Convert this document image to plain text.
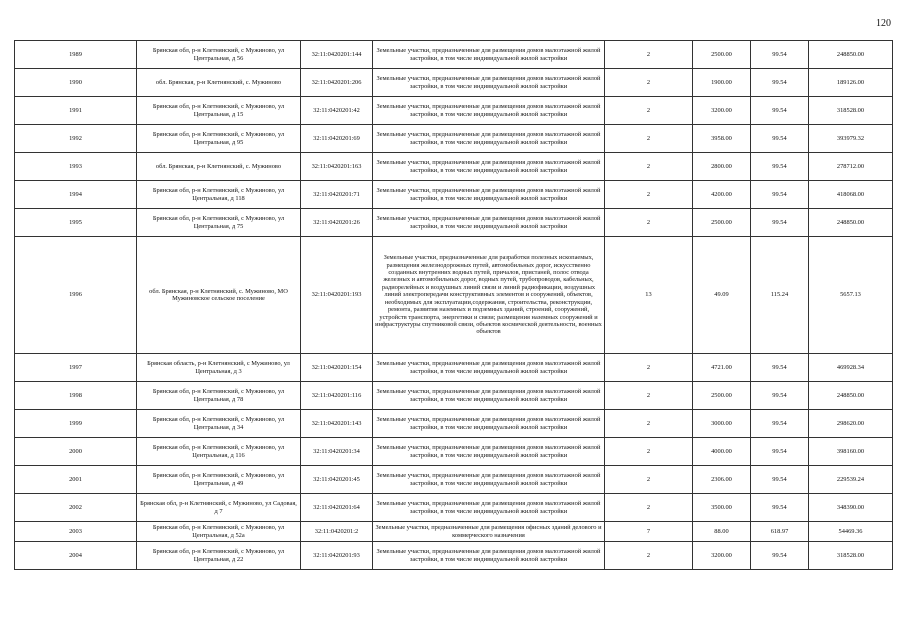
120
1989	Брянская обл, р-н Клетнянский, с Мужиново, ул Центральная, д 56	32:11:0420201:144	Земельные участки, предназначенные для размещения домов малоэтажной жилой застройки, в том числе индивидуальной жилой застройки	2	2500.00	99.54	248850.00
1990	обл. Брянская, р-н Клетнянский, с. Мужиново	32:11:0420201:206	Земельные участки, предназначенные для размещения домов малоэтажной жилой застройки, в том числе индивидуальной жилой застройки	2	1900.00	99.54	189126.00
1991	Брянская обл, р-н Клетнянский, с Мужиново, ул Центральная, д 15	32:11:0420201:42	Земельные участки, предназначенные для размещения домов малоэтажной жилой застройки, в том числе индивидуальной жилой застройки	2	3200.00	99.54	318528.00
1992	Брянская обл, р-н Клетнянский, с Мужиново, ул Центральная, д 95	32:11:0420201:69	Земельные участки, предназначенные для размещения домов малоэтажной жилой застройки, в том числе индивидуальной жилой застройки	2	3958.00	99.54	393979.32
1993	обл. Брянская, р-н Клетнянский, с. Мужиново	32:11:0420201:163	Земельные участки, предназначенные для размещения домов малоэтажной жилой застройки, в том числе индивидуальной жилой застройки	2	2800.00	99.54	278712.00
1994	Брянская обл, р-н Клетнянский, с Мужиново, ул Центральная, д 118	32:11:0420201:71	Земельные участки, предназначенные для размещения домов малоэтажной жилой застройки, в том числе индивидуальной жилой застройки	2	4200.00	99.54	418068.00
1995	Брянская обл, р-н Клетнянский, с Мужиново, ул Центральная, д 75	32:11:0420201:26	Земельные участки, предназначенные для размещения домов малоэтажной жилой застройки, в том числе индивидуальной жилой застройки	2	2500.00	99.54	248850.00
1996	обл. Брянская, р-н Клетнянский, с. Мужиново, МО Мужиновское сельское поселение	32:11:0420201:193	Земельные участки, предназначенные для разработки полезных ископаемых, размещения железнодорожных путей, автомобильных дорог, искусственно созданных внутренних водных путей, причалов, пристаней, полос отвода железных и автомобильных дорог, водных путей, трубопроводов, кабельных, радиорелейных и воздушных линий связи и линий радиофикации, воздушных линий электропередачи конструктивных элементов и сооружений, объектов, необходимых для эксплуатации,содержания, строительства, реконструкции, ремонта, развития наземных и подземных зданий, строений, сооружений, устройств транспорта, энергетики и связи; размещения наземных сооружений и инфраструктуры спутниковой связи, объектов космической деятельности, военных объектов	13	49.09	115.24	5657.13
1997	Брянская область, р-н Клетнянский, с Мужиново, ул Центральная, д 3	32:11:0420201:154	Земельные участки, предназначенные для размещения домов малоэтажной жилой застройки, в том числе индивидуальной жилой застройки	2	4721.00	99.54	469928.34
1998	Брянская обл, р-н Клетнянский, с Мужиново, ул Центральная, д 78	32:11:0420201:116	Земельные участки, предназначенные для размещения домов малоэтажной жилой застройки, в том числе индивидуальной жилой застройки	2	2500.00	99.54	248850.00
1999	Брянская обл, р-н Клетнянский, с Мужиново, ул Центральная, д 34	32:11:0420201:143	Земельные участки, предназначенные для размещения домов малоэтажной жилой застройки, в том числе индивидуальной жилой застройки	2	3000.00	99.54	298620.00
2000	Брянская обл, р-н Клетнянский, с Мужиново, ул Центральная, д 116	32:11:0420201:34	Земельные участки, предназначенные для размещения домов малоэтажной жилой застройки, в том числе индивидуальной жилой застройки	2	4000.00	99.54	398160.00
2001	Брянская обл, р-н Клетнянский, с Мужиново, ул Центральная, д 49	32:11:0420201:45	Земельные участки, предназначенные для размещения домов малоэтажной жилой застройки, в том числе индивидуальной жилой застройки	2	2306.00	99.54	229539.24
2002	Брянская обл, р-н Клетнянский, с Мужиново, ул Садовая, д 7	32:11:0420201:64	Земельные участки, предназначенные для размещения домов малоэтажной жилой застройки, в том числе индивидуальной жилой застройки	2	3500.00	99.54	348390.00
2003	Брянская обл, р-н Клетнянский, с Мужиново, ул Центральная, д 52а	32:11:0420201:2	Земельные участки, предназначенные для размещения офисных зданий делового и коммерческого назначения	7	88.00	618.97	54469.36
2004	Брянская обл, р-н Клетнянский, с Мужиново, ул Центральная, д 22	32:11:0420201:93	Земельные участки, предназначенные для размещения домов малоэтажной жилой застройки, в том числе индивидуальной жилой застройки	2	3200.00	99.54	318528.00
